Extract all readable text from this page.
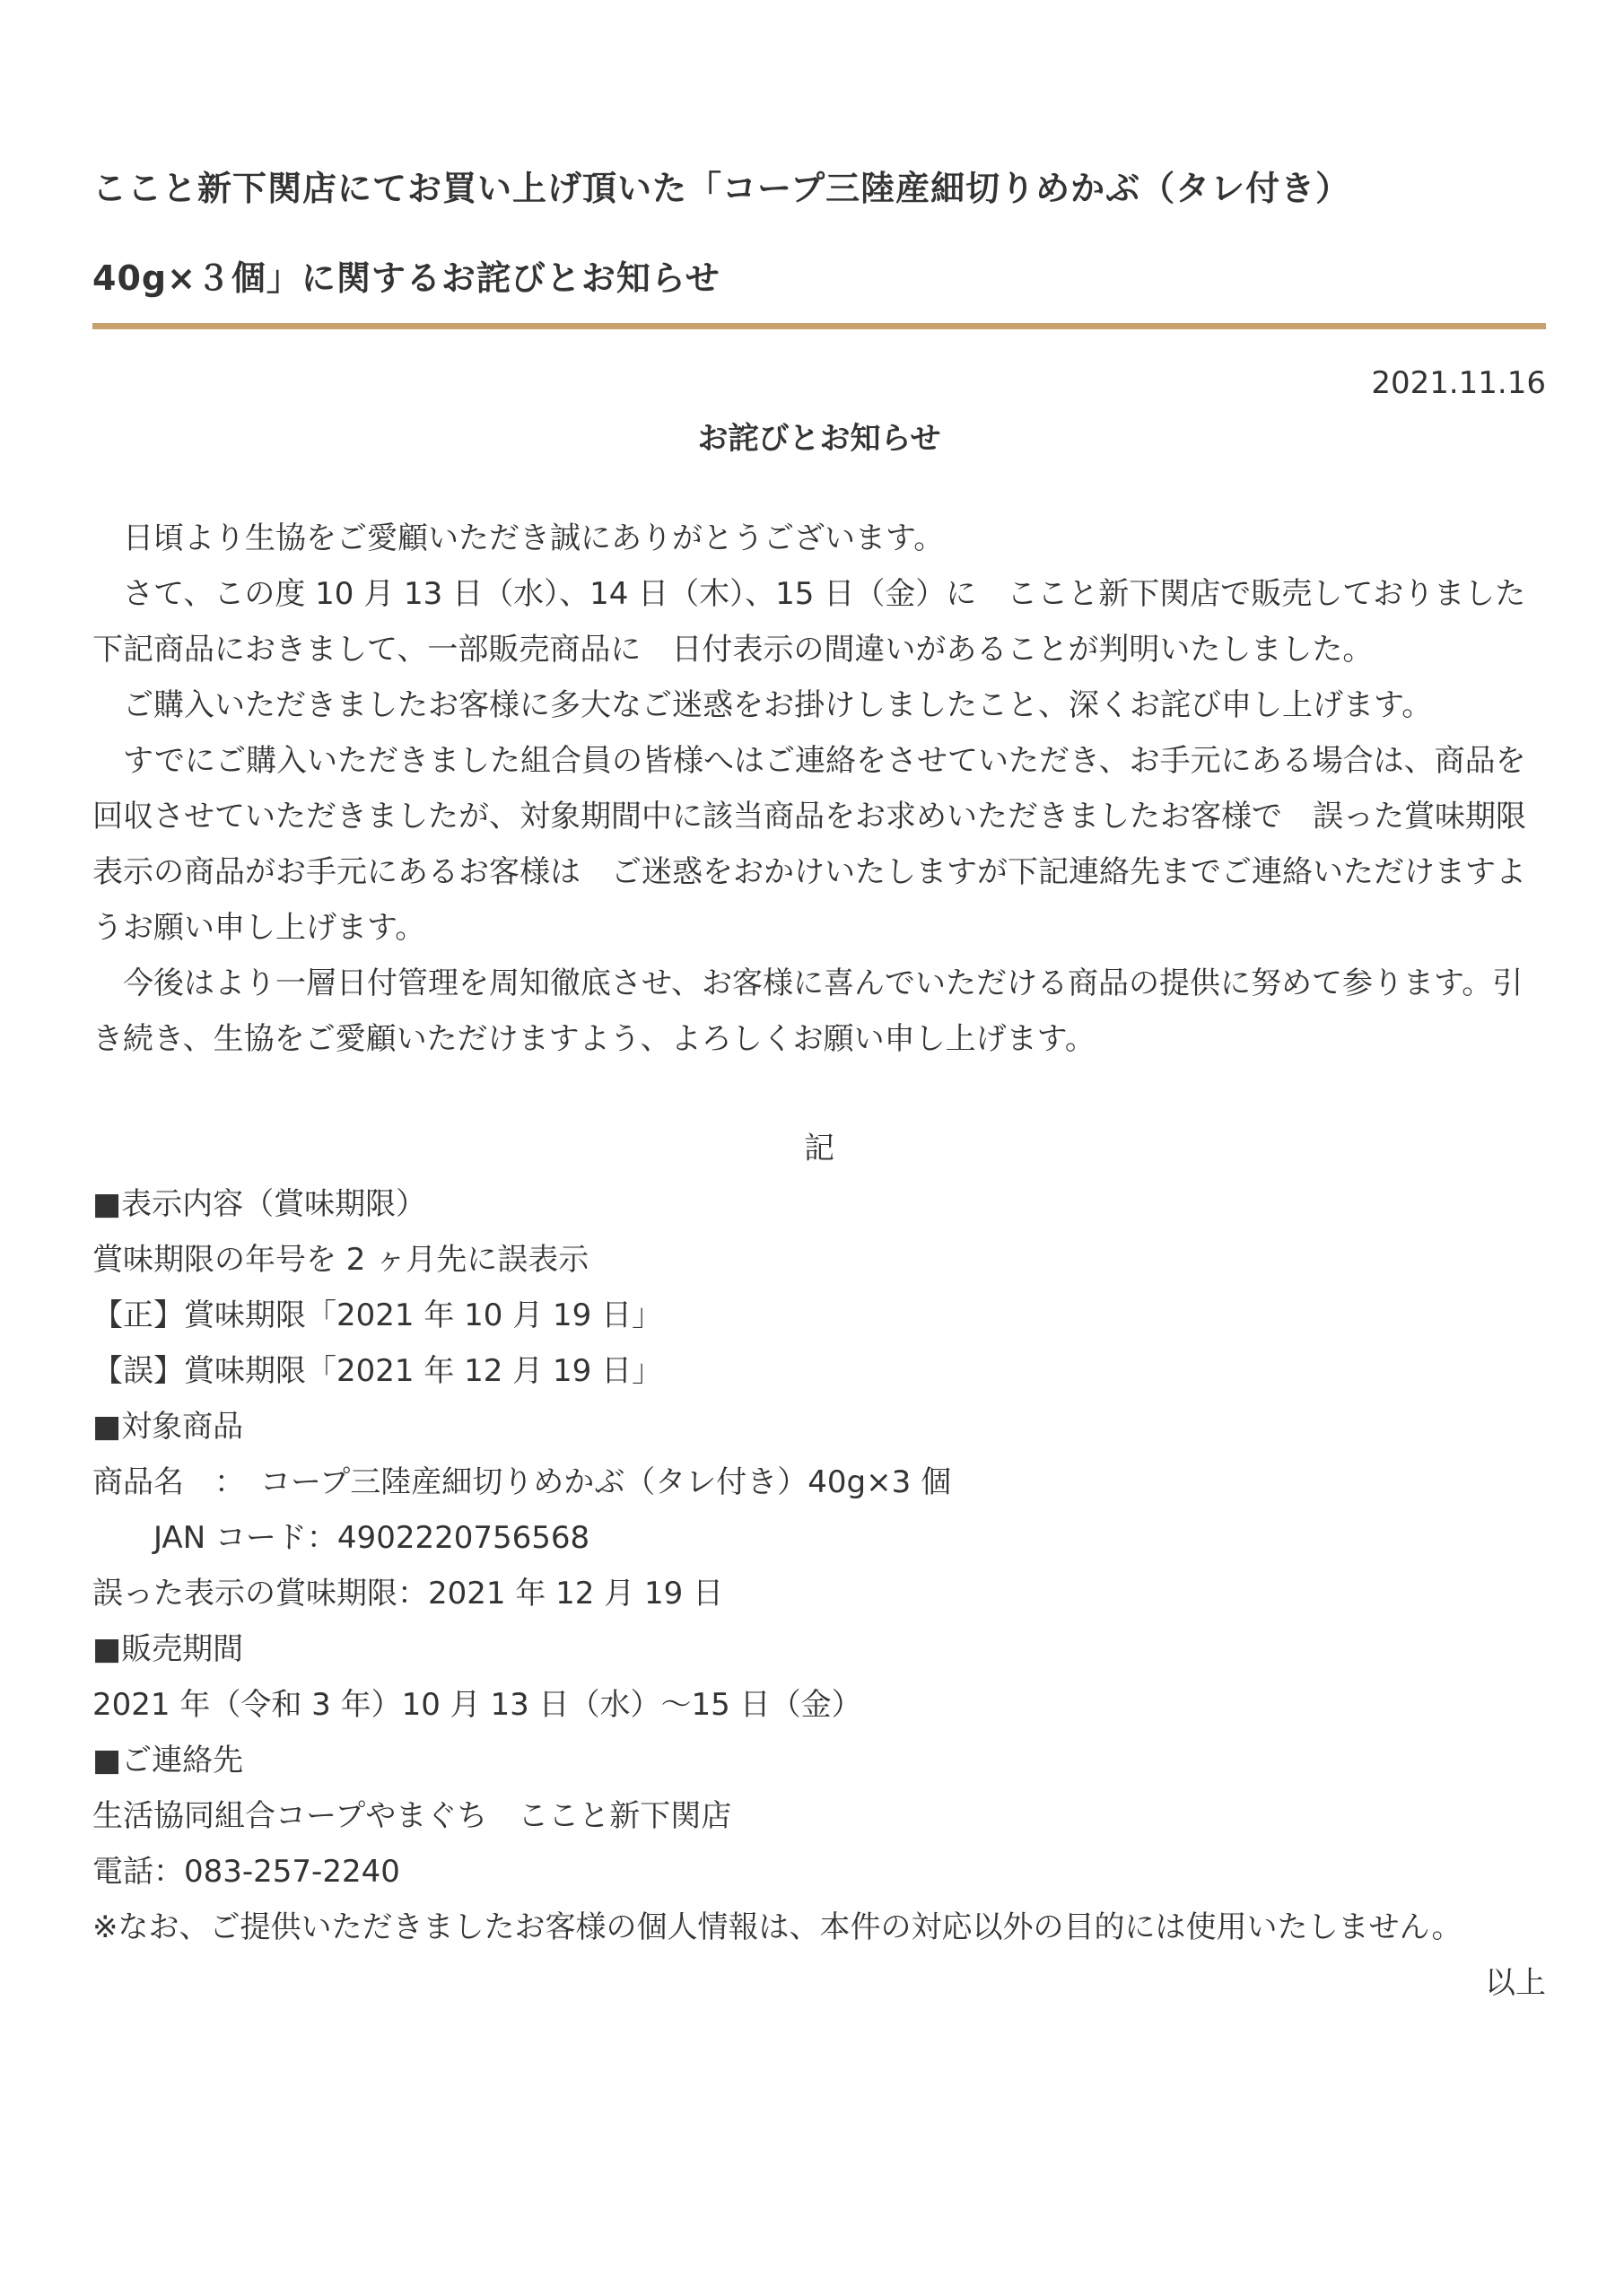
ここと新下関店にてお買い上げ頂いた「コープ三陸産細切りめかぶ（タレ付き）
40g×３個」に関するお詫びとお知らせ
2021.11.16
お詫びとお知らせ

日頃より生協をご愛顧いただき誠にありがとうございます。

さて、この度 10 月 13 日（水）、14 日（木）、15 日（金）に　ここと新下関店で販売しておりました下記商品におきまして、一部販売商品に　日付表示の間違いがあることが判明いたしました。

ご購入いただきましたお客様に多大なご迷惑をお掛けしましたこと、深くお詫び申し上げます。

すでにご購入いただきました組合員の皆様へはご連絡をさせていただき、お手元にある場合は、商品を回収させていただきましたが、対象期間中に該当商品をお求めいただきましたお客様で　誤った賞味期限表示の商品がお手元にあるお客様は　ご迷惑をおかけいたしますが下記連絡先までご連絡いただけますようお願い申し上げます。

今後はより一層日付管理を周知徹底させ、お客様に喜んでいただける商品の提供に努めて参ります。引き続き、生協をご愛顧いただけますよう、よろしくお願い申し上げます。

記
■表示内容（賞味期限）
賞味期限の年号を 2 ヶ月先に誤表示
【正】賞味期限「2021 年 10 月 19 日」
【誤】賞味期限「2021 年 12 月 19 日」
■対象商品
商品名　：　コープ三陸産細切りめかぶ（タレ付き）40g×3 個
　　JAN コード：4902220756568
誤った表示の賞味期限：2021 年 12 月 19 日
■販売期間
2021 年（令和 3 年）10 月 13 日（水）～15 日（金）
■ご連絡先
生活協同組合コープやまぐち　ここと新下関店
電話：083-257-2240
※なお、ご提供いただきましたお客様の個人情報は、本件の対応以外の目的には使用いたしません。
以上
